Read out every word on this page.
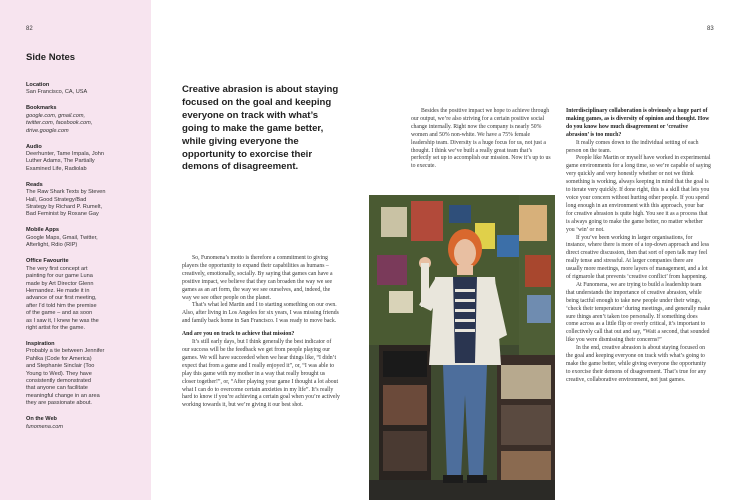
82	83
Side Notes
Location
San Francisco, CA, USA
Bookmarks
google.com, gmail.com,
twitter.com, facebook.com,
drive.google.com
Audio
Deerhunter, Tame Impala, John
Luther Adams, The Partially
Examined Life, Radiolab
Reads
The Raw Shark Texts by Steven
Hall, Good Strategy/Bad
Strategy by Richard P. Rumelt,
Bad Feminist by Roxane Gay
Mobile Apps
Google Maps, Gmail, Twitter,
Afterlight, Rdio (RIP)
Office Favourite
The very first concept art
painting for our game Luna
made by Art Director Glenn
Hernandez. He made it in
advance of our first meeting,
after I’d told him the premise
of the game – and as soon
as I saw it, I knew he was the
right artist for the game.
Inspiration
Probably a tie between Jennifer
Pahlka (Code for America)
and Stephanie Sinclair (Too
Young to Wed). They have
consistently demonstrated
that anyone can facilitate
meaningful change in an area
they are passionate about.
On the Web
funomena.com
Creative abrasion is about staying focused on the goal and keeping everyone on track with what’s going to make the game better, while giving everyone the opportunity to exorcise their demons of disagreement.

So, Funomena’s motto is therefore a commitment to giving players the opportunity to expand their capabilities as humans – creatively, emotionally, socially. By saying that games can have a positive impact, we believe that they can broaden the way we see games as an art form, the way we see ourselves, and, indeed, the way we see other people on the planet.

That’s what led Martin and I to starting something on our own. Also, after living in Los Angeles for six years, I was missing friends and family back home in San Francisco. I was ready to move back.

And are you on track to achieve that mission?

It’s still early days, but I think generally the best indicator of our success will be the feedback we get from people playing our games. We will have succeeded when we hear things like, “I didn’t expect that from a game and I really enjoyed it”, or, “I was able to play this game with my mother in a way that really brought us closer together!”, or, “After playing your game I thought a lot about what I can do to overcome certain anxieties in my life”. It’s really hard to know if you’re achieving a certain goal when you’re actively working towards it, but we’re giving it our best shot.

Besides the positive impact we hope to achieve through our output, we’re also striving for a certain positive social change internally. Right now the company is nearly 50% women and 50% non-white. We have a 75% female leadership team. Diversity is a huge focus for us, not just a thought. I think we’ve built a really great team that’s perfectly set up to accomplish our mission. Now it’s up to us to execute.

Interdisciplinary collaboration is obviously a huge part of making games, as is diversity of opinion and thought. How do you know how much disagreement or ‘creative abrasion’ is too much?

It really comes down to the individual setting of each person on the team.

People like Martin or myself have worked in experimental game environments for a long time, so we’re capable of saying very quickly and very honestly whether or not we think something is working, always keeping in mind that the goal is to iterate very quickly. If done right, this is a skill that lets you voice your concern without hurting other people. If you spend long enough in an environment with this approach, your bar for creative abrasion is quite high. You see it as a process that is always going to make the game better, no matter whether you ‘win’ or not.

If you’ve been working in larger organisations, for instance, where there is more of a top-down approach and less direct creative discussion, then that sort of open talk may feel really tense and stressful. At larger companies there are usually more meetings, more layers of management, and a lot of rigmarole that prevents ‘creative conflict’ from happening.

At Funomena, we are trying to build a leadership team that understands the importance of creative abrasion, while being tactful enough to take new people under their wings, ‘check their temperature’ during meetings, and generally make sure things aren’t taken too personally. If something does come across as a little flip or overly critical, it’s important to collectively call that out and say, “Wait a second, that sounded like you were dismissing their concerns!”

In the end, creative abrasion is about staying focused on the goal and keeping everyone on track with what’s going to make the game better, while giving everyone the opportunity to exorcise their demons of disagreement. That’s true for any creative, collaborative environment, not just games.
